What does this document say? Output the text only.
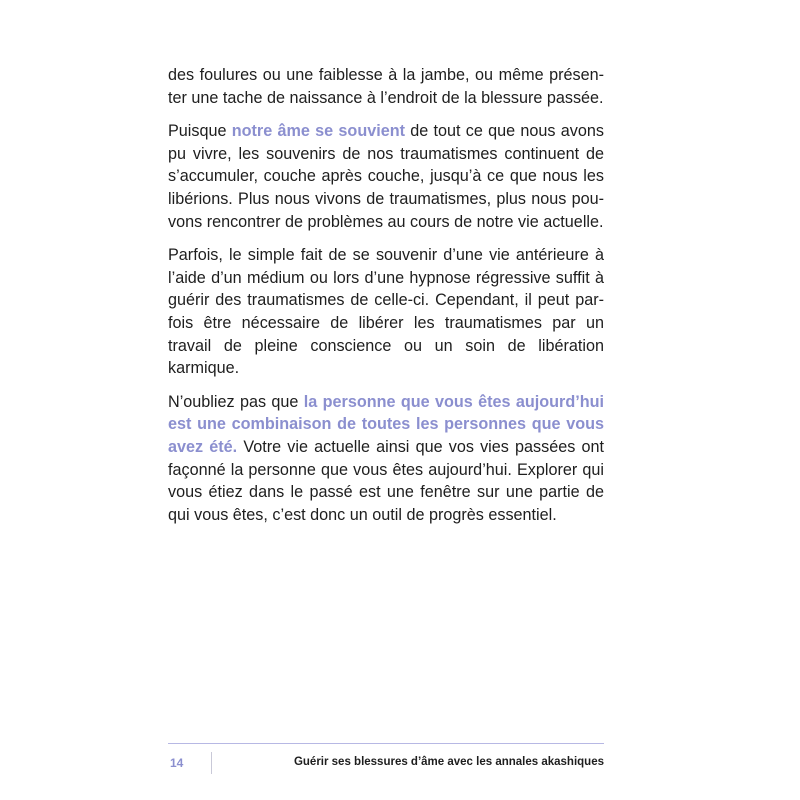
des foulures ou une faiblesse à la jambe, ou même présen- ter une tache de naissance à l’endroit de la blessure passée.

Puisque notre âme se souvient de tout ce que nous avons pu vivre, les souvenirs de nos traumatismes continuent de s’accumuler, couche après couche, jusqu’à ce que nous les libérions. Plus nous vivons de traumatismes, plus nous pou- vons rencontrer de problèmes au cours de notre vie actuelle.

Parfois, le simple fait de se souvenir d’une vie antérieure à l’aide d’un médium ou lors d’une hypnose régressive suffit à guérir des traumatismes de celle-ci. Cependant, il peut par- fois être nécessaire de libérer les traumatismes par un travail de pleine conscience ou un soin de libération karmique.

N’oubliez pas que la personne que vous êtes aujourd’hui est une combinaison de toutes les personnes que vous avez été. Votre vie actuelle ainsi que vos vies passées ont façonné la personne que vous êtes aujourd’hui. Explorer qui vous étiez dans le passé est une fenêtre sur une partie de qui vous êtes, c’est donc un outil de progrès essentiel.

14	Guérir ses blessures d’âme avec les annales akashiques
